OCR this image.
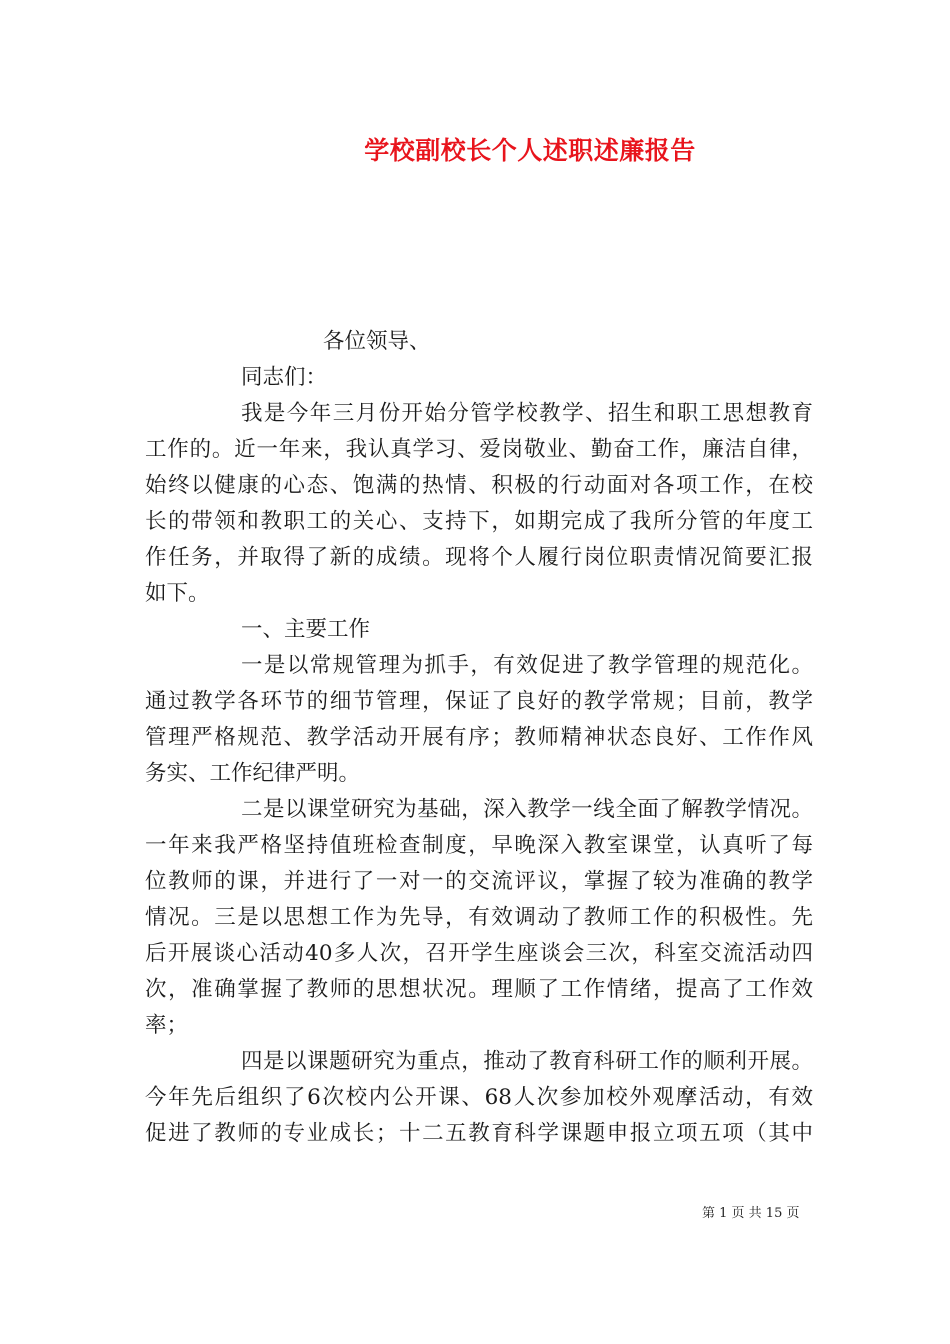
学校副校长个人述职述廉报告
各位领导、
同志们：
我是今年三月份开始分管学校教学、招生和职工思想教育
工作的。近一年来，我认真学习、爱岗敬业、勤奋工作，廉洁自律，
始终以健康的心态、饱满的热情、积极的行动面对各项工作，在校
长的带领和教职工的关心、支持下，如期完成了我所分管的年度工
作任务，并取得了新的成绩。现将个人履行岗位职责情况简要汇报
如下。
一、主要工作
一是以常规管理为抓手，有效促进了教学管理的规范化。
通过教学各环节的细节管理，保证了良好的教学常规；目前，教学
管理严格规范、教学活动开展有序；教师精神状态良好、工作作风
务实、工作纪律严明。
二是以课堂研究为基础，深入教学一线全面了解教学情况。
一年来我严格坚持值班检查制度，早晚深入教室课堂，认真听了每
位教师的课，并进行了一对一的交流评议，掌握了较为准确的教学
情况。三是以思想工作为先导，有效调动了教师工作的积极性。先
后开展谈心活动40多人次，召开学生座谈会三次，科室交流活动四
次，准确掌握了教师的思想状况。理顺了工作情绪，提高了工作效
率；
四是以课题研究为重点，推动了教育科研工作的顺利开展。
今年先后组织了6次校内公开课、68人次参加校外观摩活动，有效
促进了教师的专业成长；十二五教育科学课题申报立项五项（其中
第 1 页 共 15 页
